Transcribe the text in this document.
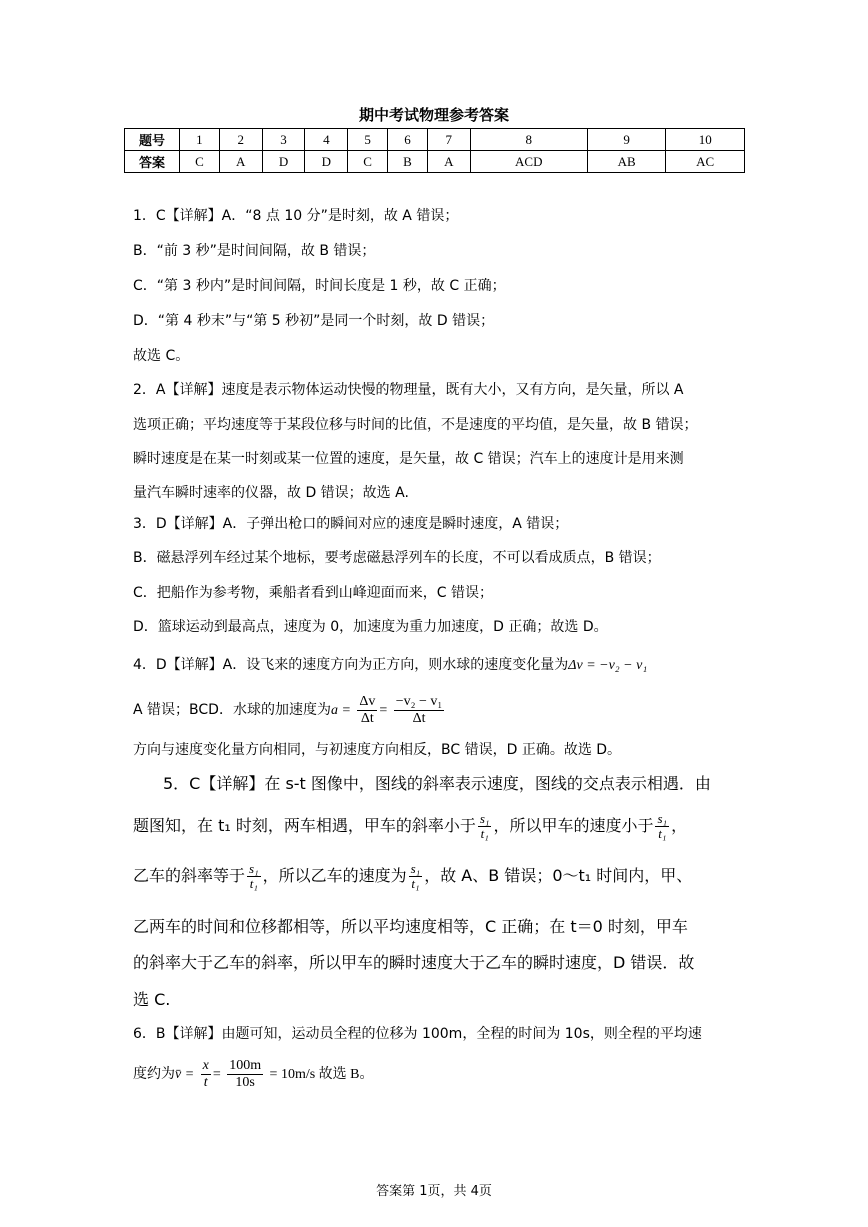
期中考试物理参考答案
题号	1	2	3	4	5	6	7	8	9	10
答案	C	A	D	D	C	B	A	ACD	AB	AC
1．C【详解】A．“8 点 10 分”是时刻，故 A 错误；
B．“前 3 秒”是时间间隔，故 B 错误；
C．“第 3 秒内”是时间间隔，时间长度是 1 秒，故 C 正确；
D．“第 4 秒末”与“第 5 秒初”是同一个时刻，故 D 错误；
故选 C。
2．A【详解】速度是表示物体运动快慢的物理量，既有大小，又有方向，是矢量，所以 A
选项正确；平均速度等于某段位移与时间的比值，不是速度的平均值，是矢量，故 B 错误；
瞬时速度是在某一时刻或某一位置的速度，是矢量，故 C 错误；汽车上的速度计是用来测
量汽车瞬时速率的仪器，故 D 错误；故选 A.
3．D【详解】A．子弹出枪口的瞬间对应的速度是瞬时速度，A 错误；
B．磁悬浮列车经过某个地标，要考虑磁悬浮列车的长度，不可以看成质点，B 错误；
C．把船作为参考物，乘船者看到山峰迎面而来，C 错误；
D．篮球运动到最高点，速度为 0，加速度为重力加速度，D 正确；故选 D。
4．D【详解】A．设飞来的速度方向为正方向，则水球的速度变化量为Δv = −v₂ − v₁
A 错误；BCD．水球的加速度为$a = \frac{\Delta v}{\Delta t} = \frac{\text{−v₂ − v₁}}{\Delta t}$
方向与速度变化量方向相同，与初速度方向相反，BC 错误，D 正确。故选 D。
5．C【详解】在 s-t 图像中，图线的斜率表示速度，图线的交点表示相遇．由
题图知，在 t₁ 时刻，两车相遇，甲车的斜率小于 $\frac{\text{s₁}}{\text{t₁}}$ ，所以甲车的速度小于 $\frac{\text{s₁}}{\text{t₁}}$ ，
乙车的斜率等于 $\frac{\text{s₁}}{\text{t₁}}$ ，所以乙车的速度为 $\frac{\text{s₁}}{\text{t₁}}$ ，故 A、B 错误；0～t₁ 时间内，甲、
乙两车的时间和位移都相等，所以平均速度相等，C 正确；在 t＝0 时刻，甲车
的斜率大于乙车的斜率，所以甲车的瞬时速度大于乙车的瞬时速度，D 错误．故
选 C.
6．B【详解】由题可知，运动员全程的位移为 100m，全程的时间为 10s，则全程的平均速
度约为v̄ = $\frac{x}{t} = \frac{100m}{10s} = 10m/s$ 故选 B。
答案第 1页，共 4页
